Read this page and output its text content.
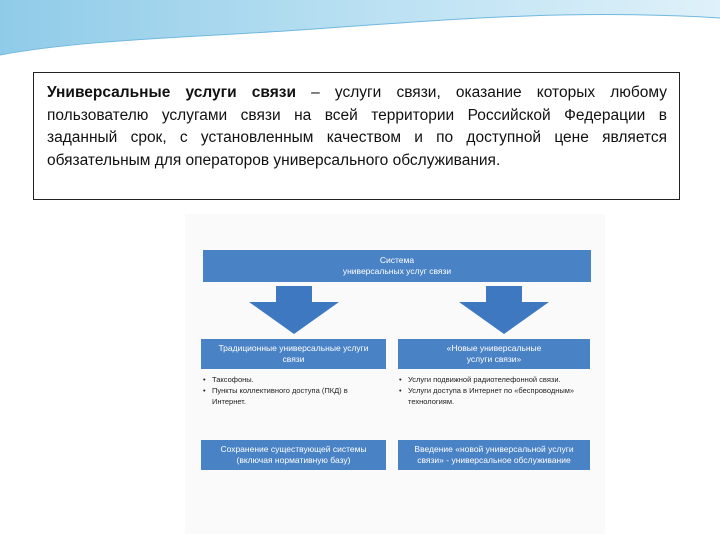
Универсальные услуги связи – услуги связи, оказание которых любому пользователю услугами связи на всей территории Российской Федерации в заданный срок, с установленным качеством и по доступной цене является обязательным для операторов универсального обслуживания.
Система
универсальных услуг связи
Традиционные универсальные услуги
связи
«Новые универсальные
услуги связи»
• Таксофоны.
• Пункты коллективного доступа (ПКД) в Интернет.
• Услуги подвижной радиотелефонной связи.
• Услуги доступа в Интернет по «беспроводным» технологиям.
Сохранение существующей системы
(включая нормативную базу)
Введение «новой универсальной услуги
связи» - универсальное обслуживание
